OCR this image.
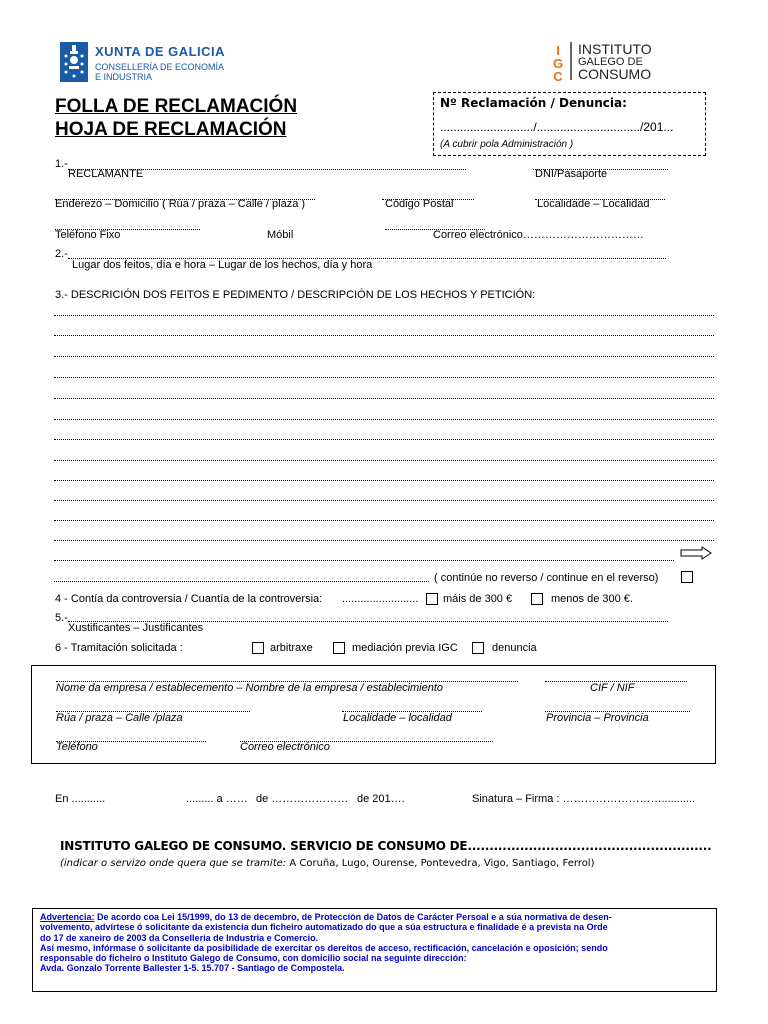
XUNTA DE GALICIA
CONSELLERÍA DE ECONOMÍA
E INDUSTRIA
I
G
C
INSTITUTO
GALEGO DE
CONSUMO
FOLLA DE RECLAMACIÓN
HOJA DE RECLAMACIÓN
Nº Reclamación / Denuncia:
............................/.............................../201...
(A cubrir pola Administración )
1.-
RECLAMANTE	DNI/Pasaporte
Enderezo – Domicilio ( Rúa / praza – Calle / plaza )	Código Postal	Localidade – Localidad
Teléfono Fixo	Móbil	Correo electrónico……………………………
2.-
Lugar dos feitos, día e hora – Lugar de los hechos, día y hora
3.- DESCRICIÓN DOS FEITOS E PEDIMENTO / DESCRIPCIÓN DE LOS HECHOS Y PETICIÓN:
( continúe no reverso / continue en el reverso)
4 - Contía da controversia / Cuantía de la controversia: ......................... máis de 300 €	menos de 300 €.
5.-
Xustificantes – Justificantes
6 - Tramitación solicitada :	arbitraxe	mediación previa IGC	denuncia
Nome da empresa / establecemento – Nombre de la empresa / establecimiento	CIF / NIF
Rúa / praza – Calle /plaza	Localidade – localidad	Provincia – Provincia
Teléfono	Correo electrónico
En ...........	......... a …… de ………………… de 201….	Sinatura – Firma : ………………………...........
INSTITUTO GALEGO DE CONSUMO. SERVICIO DE CONSUMO DE........................................................
(indicar o servizo onde quera que se tramite: A Coruña, Lugo, Ourense, Pontevedra, Vigo, Santiago, Ferrol)
Advertencia: De acordo coa Lei 15/1999, do 13 de decembro, de Protección de Datos de Carácter Persoal e a súa normativa de desen-
volvemento, advírtese ó solicitante da existencia dun ficheiro automatizado do que a súa estructura e finalidade é a prevista na Orde
do 17 de xaneiro de 2003 da Consellería de Industria e Comercio.
Así mesmo, infórmase ó solicitante da posibilidade de exercitar os dereitos de acceso, rectificación, cancelación e oposición; sendo
responsable do ficheiro o Instituto Galego de Consumo, con domicilio social na seguinte dirección:
Avda. Gonzalo Torrente Ballester 1-5. 15.707 - Santiago de Compostela.
